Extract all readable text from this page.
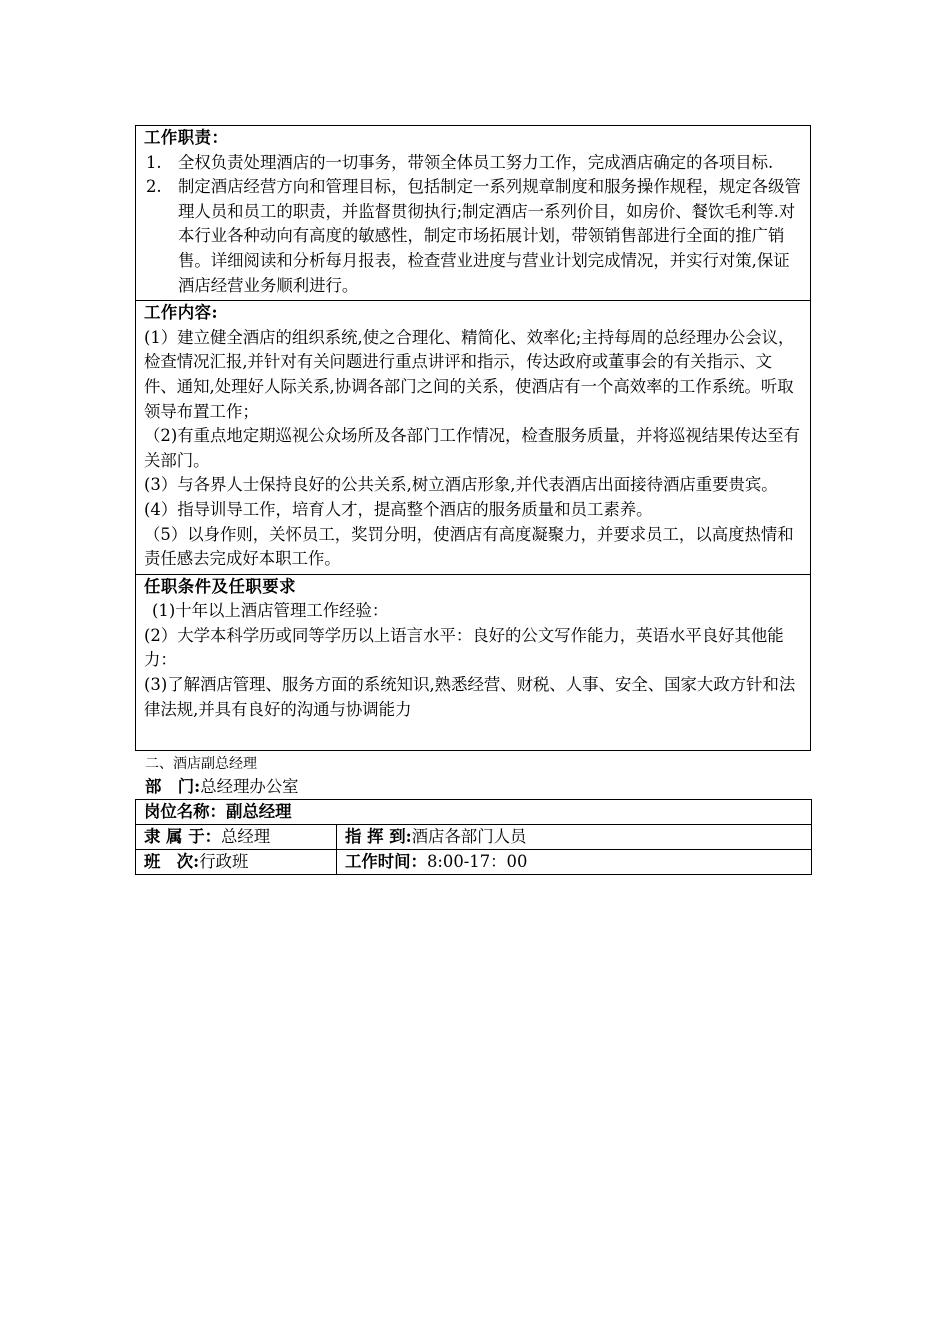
工作职责：
1. 全权负责处理酒店的一切事务，带领全体员工努力工作，完成酒店确定的各项目标.
2. 制定酒店经营方向和管理目标，包括制定一系列规章制度和服务操作规程，规定各级管理人员和员工的职责，并监督贯彻执行;制定酒店一系列价目，如房价、餐饮毛利等.对本行业各种动向有高度的敏感性，制定市场拓展计划，带领销售部进行全面的推广销售。详细阅读和分析每月报表，检查营业进度与营业计划完成情况，并实行对策,保证酒店经营业务顺利进行。
工作内容:

(1）建立健全酒店的组织系统,使之合理化、精简化、效率化;主持每周的总经理办公会议，检查情况汇报,并针对有关问题进行重点讲评和指示，传达政府或董事会的有关指示、文件、通知,处理好人际关系,协调各部门之间的关系，使酒店有一个高效率的工作系统。听取领导布置工作；

（2)有重点地定期巡视公众场所及各部门工作情况，检查服务质量，并将巡视结果传达至有关部门。

(3）与各界人士保持良好的公共关系,树立酒店形象,并代表酒店出面接待酒店重要贵宾。

(4）指导训导工作，培育人才，提高整个酒店的服务质量和员工素养。

（5）以身作则，关怀员工，奖罚分明，使酒店有高度凝聚力，并要求员工，以高度热情和责任感去完成好本职工作。

任职条件及任职要求

(1)十年以上酒店管理工作经验：

(2）大学本科学历或同等学历以上语言水平：良好的公文写作能力，英语水平良好其他能力：

(3)了解酒店管理、服务方面的系统知识,熟悉经营、财税、人事、安全、国家大政方针和法律法规,并具有良好的沟通与协调能力

二、酒店副总经理
部　门:总经理办公室
岗位名称：副总经理	
隶 属 于：总经理	指 挥 到:酒店各部门人员
班　次:行政班	工作时间：8:00-17：00
